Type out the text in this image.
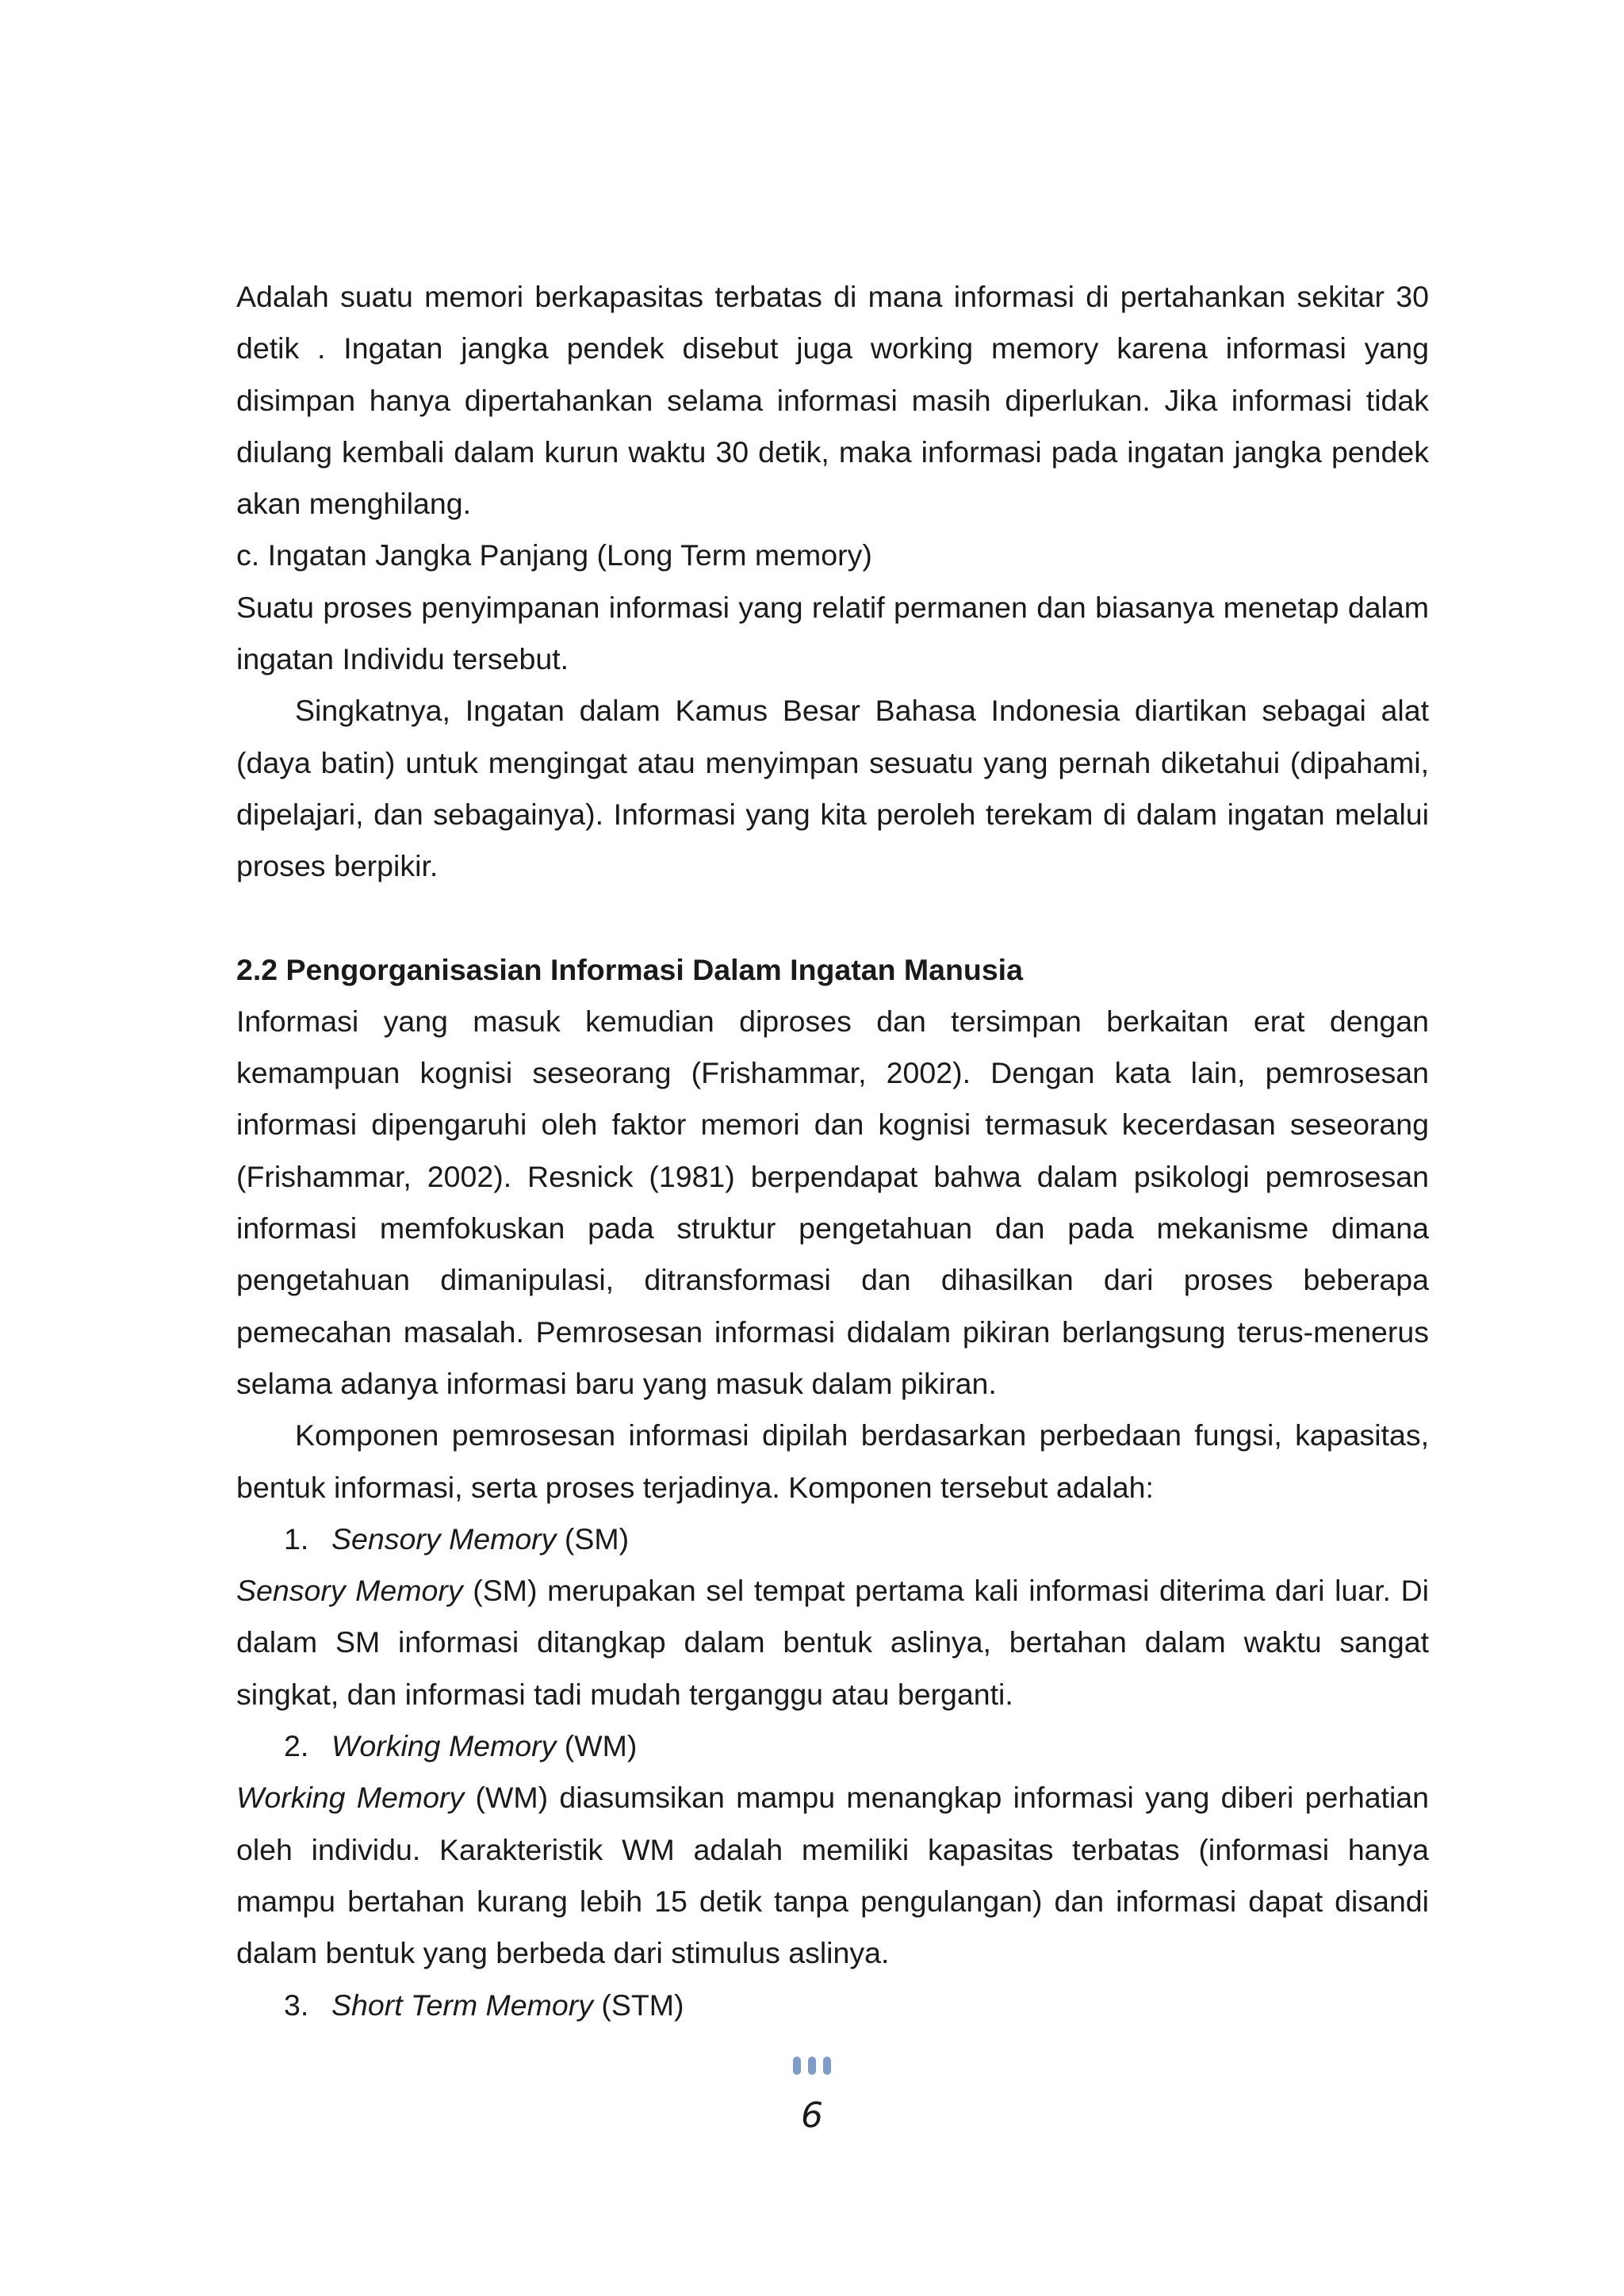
Adalah suatu memori berkapasitas terbatas di mana informasi di pertahankan sekitar 30 detik . Ingatan jangka pendek disebut juga working memory karena informasi yang disimpan hanya dipertahankan selama informasi masih diperlukan. Jika informasi tidak diulang kembali dalam kurun waktu 30 detik, maka informasi pada ingatan jangka pendek akan menghilang.

c. Ingatan Jangka Panjang (Long Term memory)

Suatu proses penyimpanan informasi yang relatif permanen dan biasanya menetap dalam ingatan Individu tersebut.

Singkatnya, Ingatan dalam Kamus Besar Bahasa Indonesia diartikan sebagai alat (daya batin) untuk mengingat atau menyimpan sesuatu yang pernah diketahui (dipahami, dipelajari, dan sebagainya). Informasi yang kita peroleh terekam di dalam ingatan melalui proses berpikir.

2.2 Pengorganisasian Informasi Dalam Ingatan Manusia

Informasi yang masuk kemudian diproses dan tersimpan berkaitan erat dengan kemampuan kognisi seseorang (Frishammar, 2002). Dengan kata lain, pemrosesan informasi dipengaruhi oleh faktor memori dan kognisi termasuk kecerdasan seseorang (Frishammar, 2002). Resnick (1981) berpendapat bahwa dalam psikologi pemrosesan informasi memfokuskan pada struktur pengetahuan dan pada mekanisme dimana pengetahuan dimanipulasi, ditransformasi dan dihasilkan dari proses beberapa pemecahan masalah. Pemrosesan informasi didalam pikiran berlangsung terus-menerus selama adanya informasi baru yang masuk dalam pikiran.

Komponen pemrosesan informasi dipilah berdasarkan perbedaan fungsi, kapasitas, bentuk informasi, serta proses terjadinya. Komponen tersebut adalah:

1. Sensory Memory (SM)

Sensory Memory (SM) merupakan sel tempat pertama kali informasi diterima dari luar. Di dalam SM informasi ditangkap dalam bentuk aslinya, bertahan dalam waktu sangat singkat, dan informasi tadi mudah terganggu atau berganti.

2. Working Memory (WM)

Working Memory (WM) diasumsikan mampu menangkap informasi yang diberi perhatian oleh individu. Karakteristik WM adalah memiliki kapasitas terbatas (informasi hanya mampu bertahan kurang lebih 15 detik tanpa pengulangan) dan informasi dapat disandi dalam bentuk yang berbeda dari stimulus aslinya.

3. Short Term Memory (STM)

6
